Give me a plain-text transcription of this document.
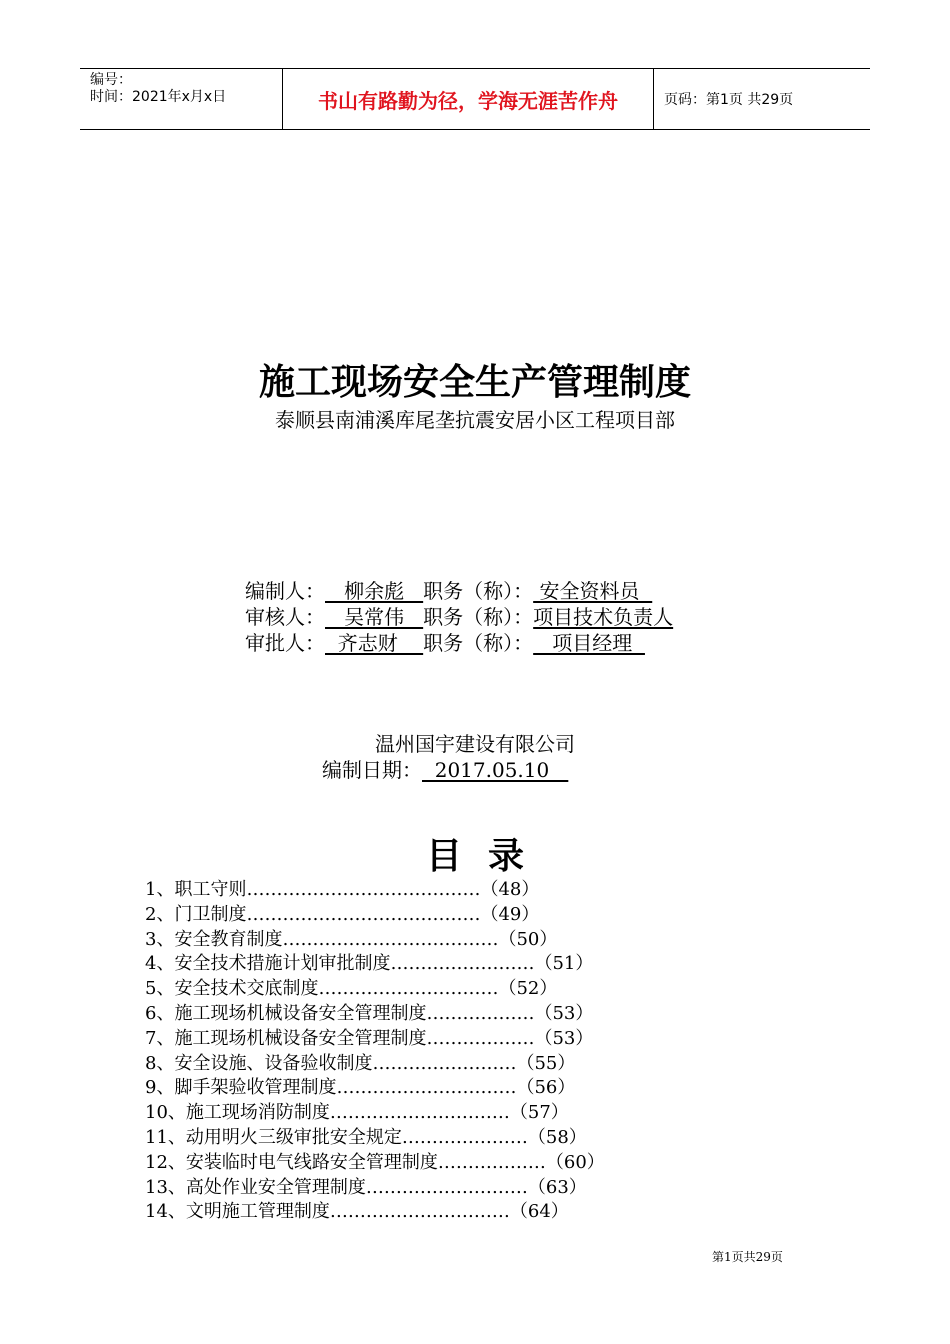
编号：
时间：2021年x月x日	书山有路勤为径，学海无涯苦作舟	页码：第1页 共29页
施工现场安全生产管理制度
泰顺县南浦溪库尾垄抗震安居小区工程项目部
编制人：   柳余彪   职务（称）： 安全资料员
审核人：   吴常伟   职务（称）：项目技术负责人
审批人：  齐志财    职务（称）：   项目经理
温州国宇建设有限公司
编制日期：  2017.05.10
目录
1、职工守则…………………………………（48）
2、门卫制度…………………………………（49）
3、安全教育制度………………………………（50）
4、安全技术措施计划审批制度……………………（51）
5、安全技术交底制度…………………………（52）
6、施工现场机械设备安全管理制度………………（53）
7、施工现场机械设备安全管理制度………………（53）
8、安全设施、设备验收制度……………………（55）
9、脚手架验收管理制度…………………………（56）
10、施工现场消防制度…………………………（57）
11、动用明火三级审批安全规定…………………（58）
12、安装临时电气线路安全管理制度………………（60）
13、高处作业安全管理制度………………………（63）
14、文明施工管理制度…………………………（64）
第1页共29页
